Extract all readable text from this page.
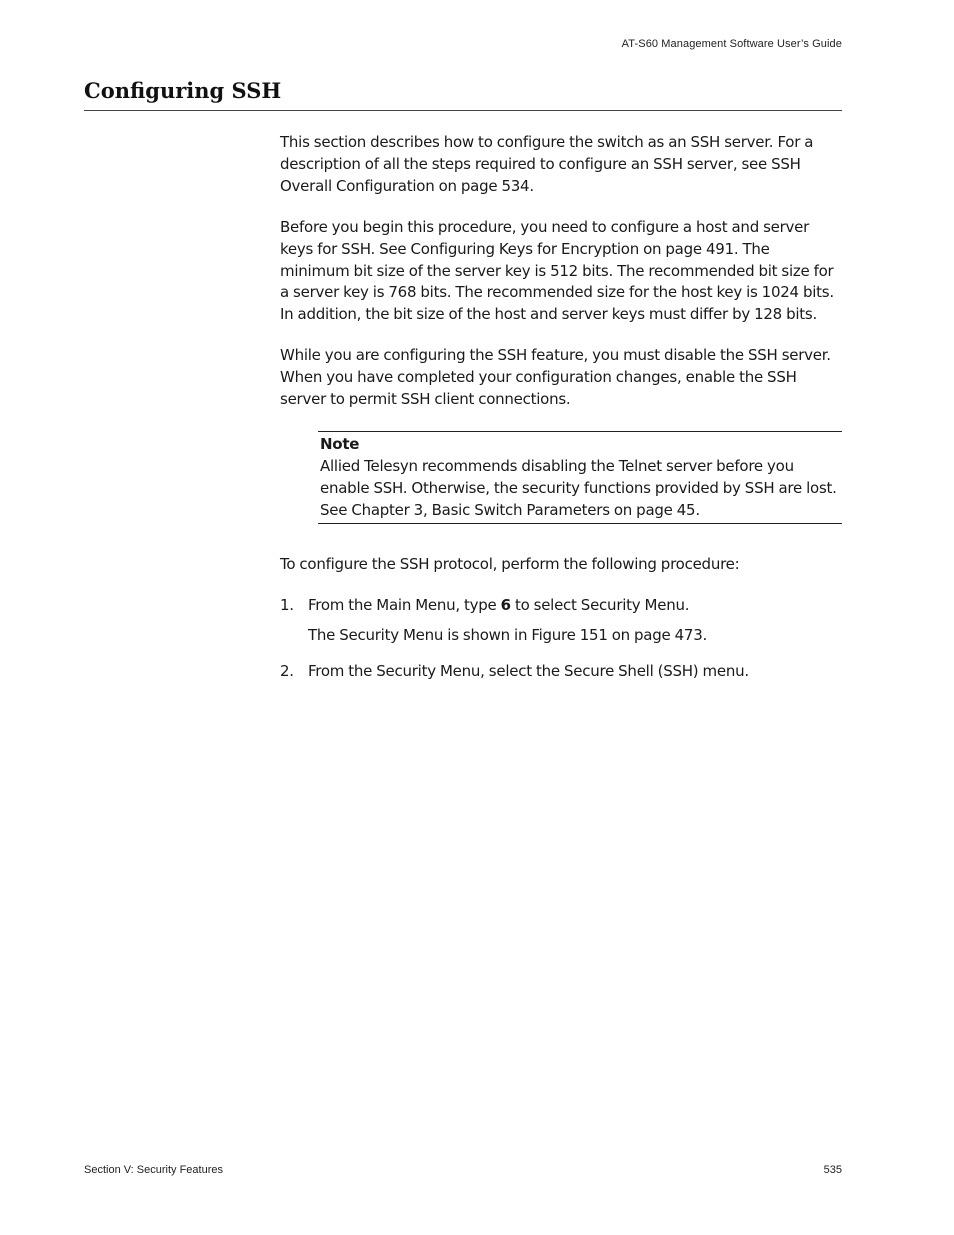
AT-S60 Management Software User’s Guide
Configuring SSH

This section describes how to configure the switch as an SSH server. For a description of all the steps required to configure an SSH server, see SSH Overall Configuration on page 534.

Before you begin this procedure, you need to configure a host and server keys for SSH. See Configuring Keys for Encryption on page 491. The minimum bit size of the server key is 512 bits. The recommended bit size for a server key is 768 bits. The recommended size for the host key is 1024 bits. In addition, the bit size of the host and server keys must differ by 128 bits.

While you are configuring the SSH feature, you must disable the SSH server. When you have completed your configuration changes, enable the SSH server to permit SSH client connections.

Note
Allied Telesyn recommends disabling the Telnet server before you enable SSH. Otherwise, the security functions provided by SSH are lost. See Chapter 3, Basic Switch Parameters on page 45.

To configure the SSH protocol, perform the following procedure:

1. From the Main Menu, type 6 to select Security Menu.
The Security Menu is shown in Figure 151 on page 473.
2. From the Security Menu, select the Secure Shell (SSH) menu.
Section V: Security Features	535
